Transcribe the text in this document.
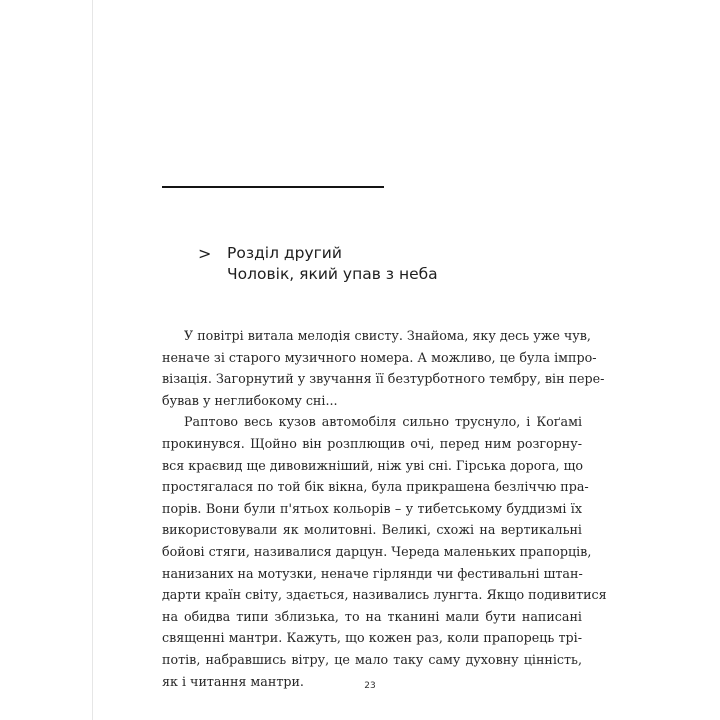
> Розділ другий
Чоловік, який упав з неба
У повітрі витала мелодія свисту. Знайома, яку десь уже чув,
неначе зі старого музичного номера. А можливо, це була імпро-
візація. Загорнутий у звучання її безтурботного тембру, він пере-
бував у неглибокому сні...
Раптово весь кузов автомобіля сильно труснуло, і Коґамі
прокинувся. Щойно він розплющив очі, перед ним розгорну-
вся краєвид ще дивовижніший, ніж уві сні. Гірська дорога, що
простягалася по той бік вікна, була прикрашена безліччю пра-
порів. Вони були п'ятьох кольорів – у тибетському буддизмі їх
використовували як молитовні. Великі, схожі на вертикальні
бойові стяги, називалися дарцун. Череда маленьких прапорців,
нанизаних на мотузки, неначе гірлянди чи фестивальні штан-
дарти країн світу, здається, називались лунгта. Якщо подивитися
на обидва типи зблизька, то на тканині мали бути написані
священні мантри. Кажуть, що кожен раз, коли прапорець трі-
потів, набравшись вітру, це мало таку саму духовну цінність,
як і читання мантри.	23
